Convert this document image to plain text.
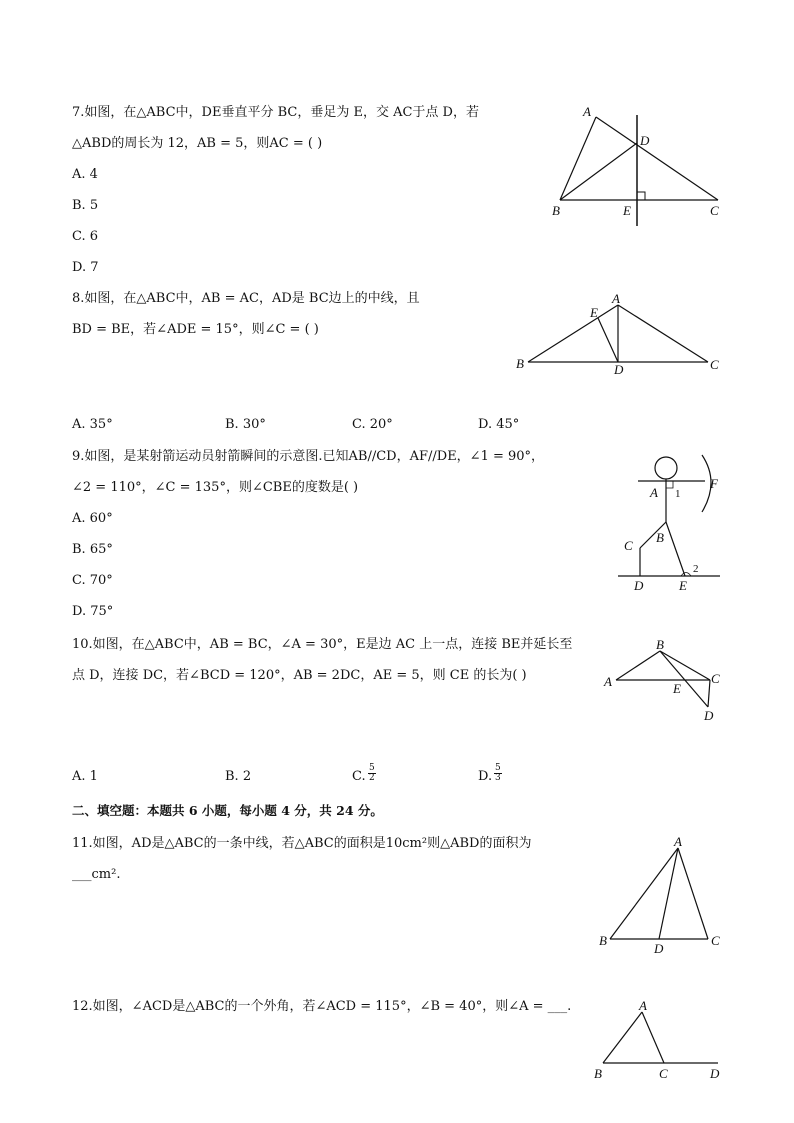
7.如图，在△ABC中，DE垂直平分 BC，垂足为 E，交 AC于点 D，若
△ABD的周长为 12，AB = 5，则AC = ( )
A. 4
B. 5
C. 6
D. 7
A
D
B	E	C
8.如图，在△ABC中，AB = AC，AD是 BC边上的中线，且
BD = BE，若∠ADE = 15°，则∠C = ( )
A. 35°	B. 30°	C. 20°	D. 45°
A
E
B	D	C
9.如图，是某射箭运动员射箭瞬间的示意图.已知AB//CD，AF//DE，∠1 = 90°，
∠2 = 110°，∠C = 135°，则∠CBE的度数是( )
A. 60°
B. 65°
C. 70°
D. 75°
A 1
F
B
C
D	E
2
10.如图，在△ABC中，AB = BC，∠A = 30°，E是边 AC 上一点，连接 BE并延长至
点 D，连接 DC，若∠BCD = 120°，AB = 2DC，AE = 5，则 CE 的长为( )
A. 1	B. 2	C. $\frac{5}{2}$	D. $\frac{5}{3}$
B
A	E
C
D
二、填空题：本题共 6 小题，每小题 4 分，共 24 分。
11.如图，AD是△ABC的一条中线，若△ABC的面积是10cm²则△ABD的面积为
___cm².
A
B
D
C
12.如图，∠ACD是△ABC的一个外角，若∠ACD = 115°，∠B = 40°，则∠A = ___.	A
B	C	D
